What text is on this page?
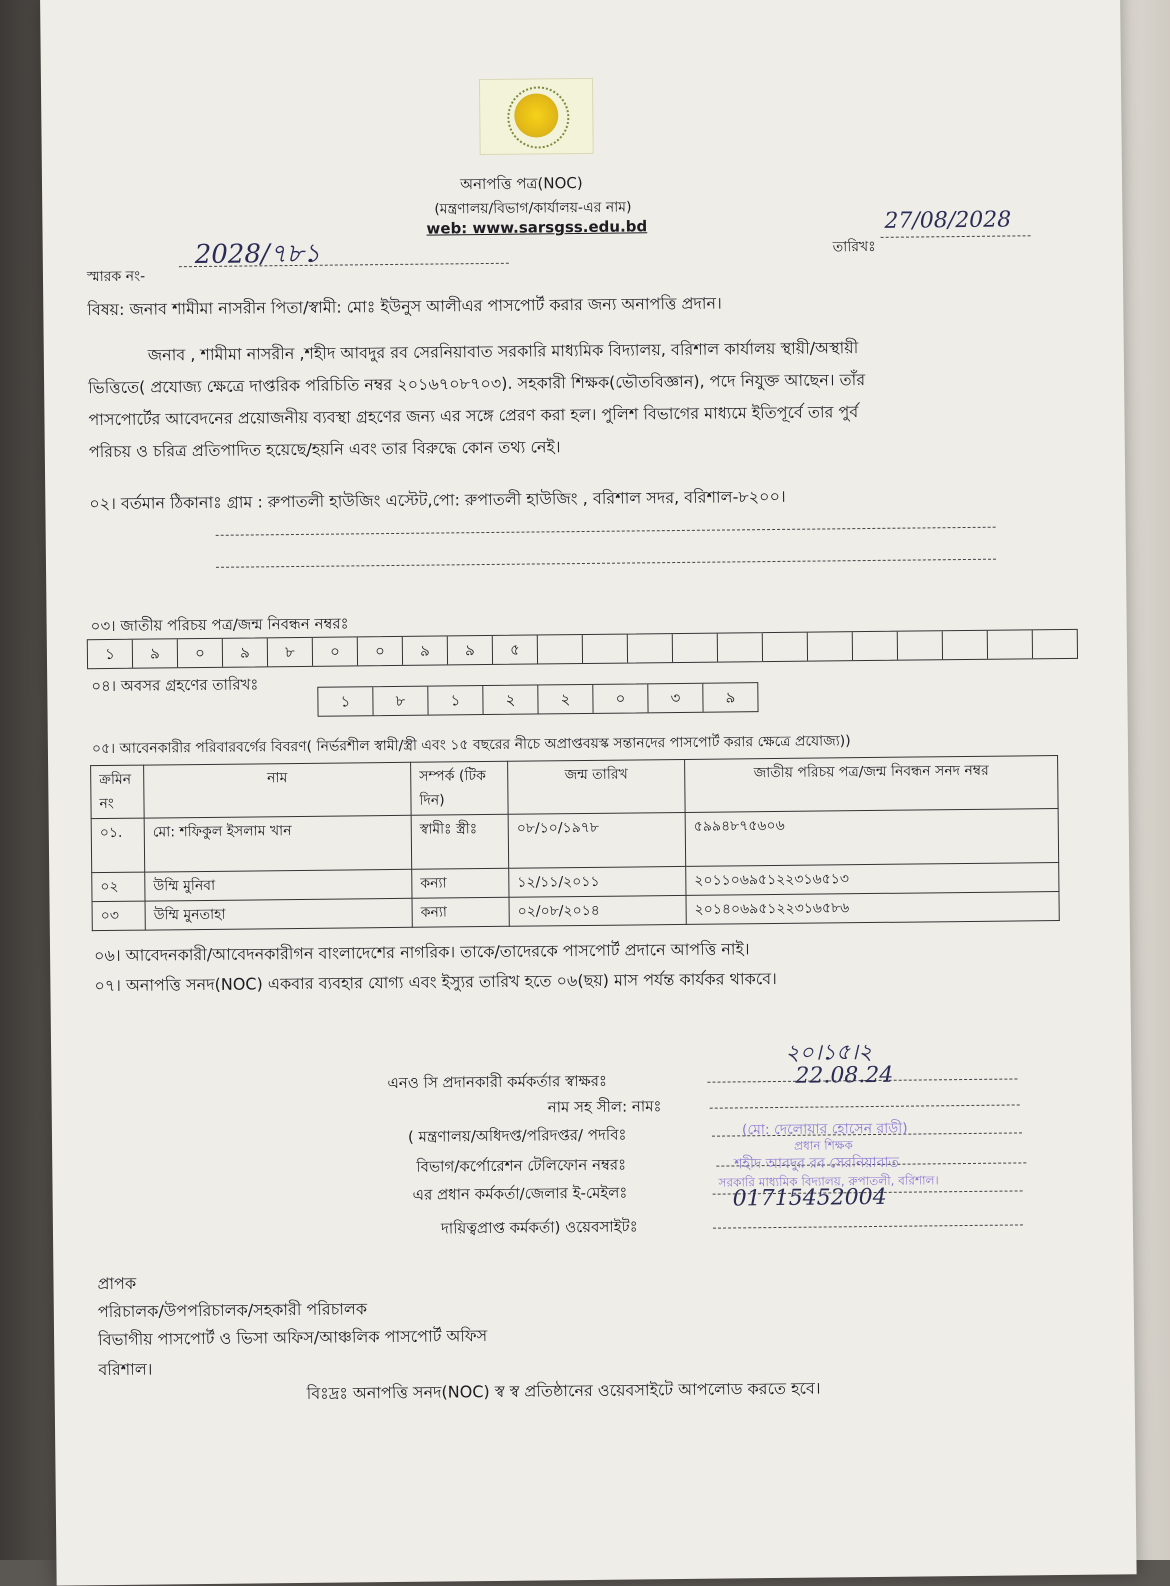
অনাপত্তি পত্র(NOC)
(মন্ত্রণালয়/বিভাগ/কার্যালয়-এর নাম)
web: www.sarsgss.edu.bd
স্মারক নং-
2028/৭৮১	তারিখঃ
27/08/2028
বিষয়: জনাব শামীমা নাসরীন পিতা/স্বামী: মোঃ ইউনুস আলীএর পাসপোর্ট করার জন্য অনাপত্তি প্রদান।
জনাব , শামীমা নাসরীন ,শহীদ আবদুর রব সেরনিয়াবাত সরকারি মাধ্যমিক বিদ্যালয়, বরিশাল কার্যালয় স্থায়ী/অস্থায়ী
ভিত্তিতে( প্রযোজ্য ক্ষেত্রে দাপ্তরিক পরিচিতি নম্বর ২০১৬৭০৮৭০৩). সহকারী শিক্ষক(ভৌতবিজ্ঞান), পদে নিযুক্ত আছেন। তাঁর
পাসপোর্টের আবেদনের প্রয়োজনীয় ব্যবস্থা গ্রহণের জন্য এর সঙ্গে প্রেরণ করা হল। পুলিশ বিভাগের মাধ্যমে ইতিপূর্বে তার পুর্ব
পরিচয় ও চরিত্র প্রতিপাদিত হয়েছে/হয়নি এবং তার বিরুদ্ধে কোন তথ্য নেই।
০২। বর্তমান ঠিকানাঃ গ্রাম : রুপাতলী হাউজিং এস্টেট,পো: রুপাতলী হাউজিং , বরিশাল সদর, বরিশাল-৮২০০।
০৩। জাতীয় পরিচয় পত্র/জন্ম নিবন্ধন নম্বরঃ
১	৯	০	৯	৮	০	০	৯	৯	৫
০৪। অবসর গ্রহণের তারিখঃ
১	৮	১	২	২	০	৩	৯
০৫। আবেনকারীর পরিবারবর্গের বিবরণ( নির্ভরশীল স্বামী/স্ত্রী এবং ১৫ বছরের নীচে অপ্রাপ্তবয়স্ক সন্তানদের পাসপোর্ট করার ক্ষেত্রে প্রযোজ্য))
ক্রমিন নং	নাম	সম্পর্ক (টিক দিন)	জন্ম তারিখ	জাতীয় পরিচয় পত্র/জন্ম নিবন্ধন সনদ নম্বর
০১.	মো: শফিকুল ইসলাম খান	স্বামীঃ স্ত্রীঃ	০৮/১০/১৯৭৮	৫৯৯৪৮৭৫৬০৬
০২	উম্মি মুনিবা	কন্যা	১২/১১/২০১১	২০১১০৬৯৫১২২৩১৬৫১৩
০৩	উম্মি মুনতাহা	কন্যা	০২/০৮/২০১৪	২০১৪০৬৯৫১২২৩১৬৫৮৬
০৬। আবেদনকারী/আবেদনকারীগন বাংলাদেশের নাগরিক। তাকে/তাদেরকে পাসপোর্ট প্রদানে আপত্তি নাই।
০৭। অনাপত্তি সনদ(NOC) একবার ব্যবহার যোগ্য এবং ইস্যুর তারিখ হতে ০৬(ছয়) মাস পর্যন্ত কার্যকর থাকবে।
এনও সি প্রদানকারী কর্মকর্তার স্বাক্ষরঃ
২০।১৫।২
22.08.24
নাম সহ সীল: নামঃ
( মন্ত্রণালয়/অধিদপ্ত/পরিদপ্তর/ পদবিঃ	(মো: দেলোয়ার হোসেন রাড়ী)
প্রধান শিক্ষক
বিভাগ/কর্পোরেশন টেলিফোন নম্বরঃ	শহীদ আবদুর রব সেরনিয়াবাত
এর প্রধান কর্মকর্তা/জেলার ই-মেইলঃ
সরকারি মাধ্যমিক বিদ্যালয়, রুপাতলী, বরিশাল।
01715452004
দায়িত্বপ্রাপ্ত কর্মকর্তা) ওয়েবসাইটঃ
প্রাপক
পরিচালক/উপপরিচালক/সহকারী পরিচালক
বিভাগীয় পাসপোর্ট ও ভিসা অফিস/আঞ্চলিক পাসপোর্ট অফিস
বরিশাল।
বিঃদ্রঃ অনাপত্তি সনদ(NOC) স্ব স্ব প্রতিষ্ঠানের ওয়েবসাইটে আপলোড করতে হবে।
